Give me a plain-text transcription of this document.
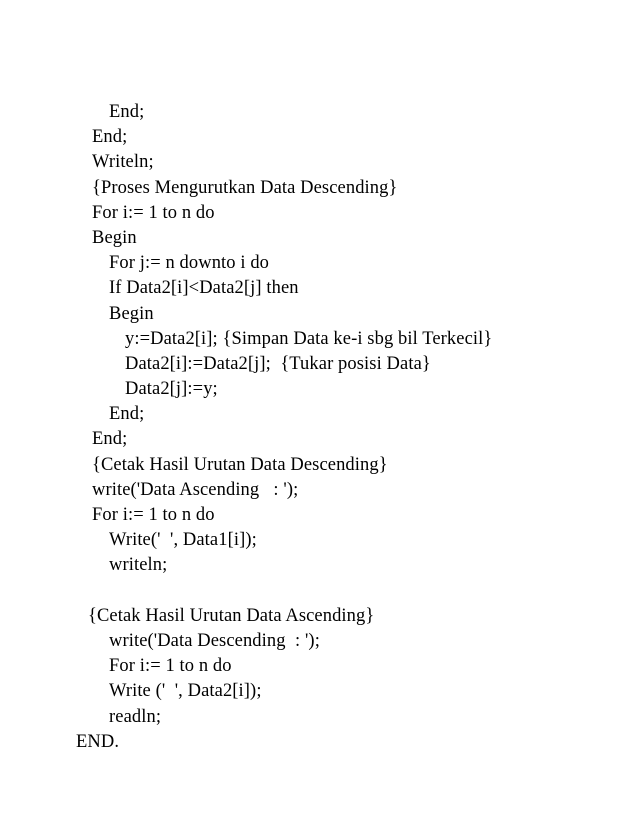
End;
End;
Writeln;
{Proses Mengurutkan Data Descending}
For i:= 1 to n do
Begin
For j:= n downto i do
If Data2[i]<Data2[j] then
Begin
y:=Data2[i]; {Simpan Data ke-i sbg bil Terkecil}
Data2[i]:=Data2[j];  {Tukar posisi Data}
Data2[j]:=y;
End;
End;
{Cetak Hasil Urutan Data Descending}
write('Data Ascending   : ');
For i:= 1 to n do
Write('  ', Data1[i]);
writeln;
{Cetak Hasil Urutan Data Ascending}
write('Data Descending  : ');
For i:= 1 to n do
Write ('  ', Data2[i]);
readln;
END.
